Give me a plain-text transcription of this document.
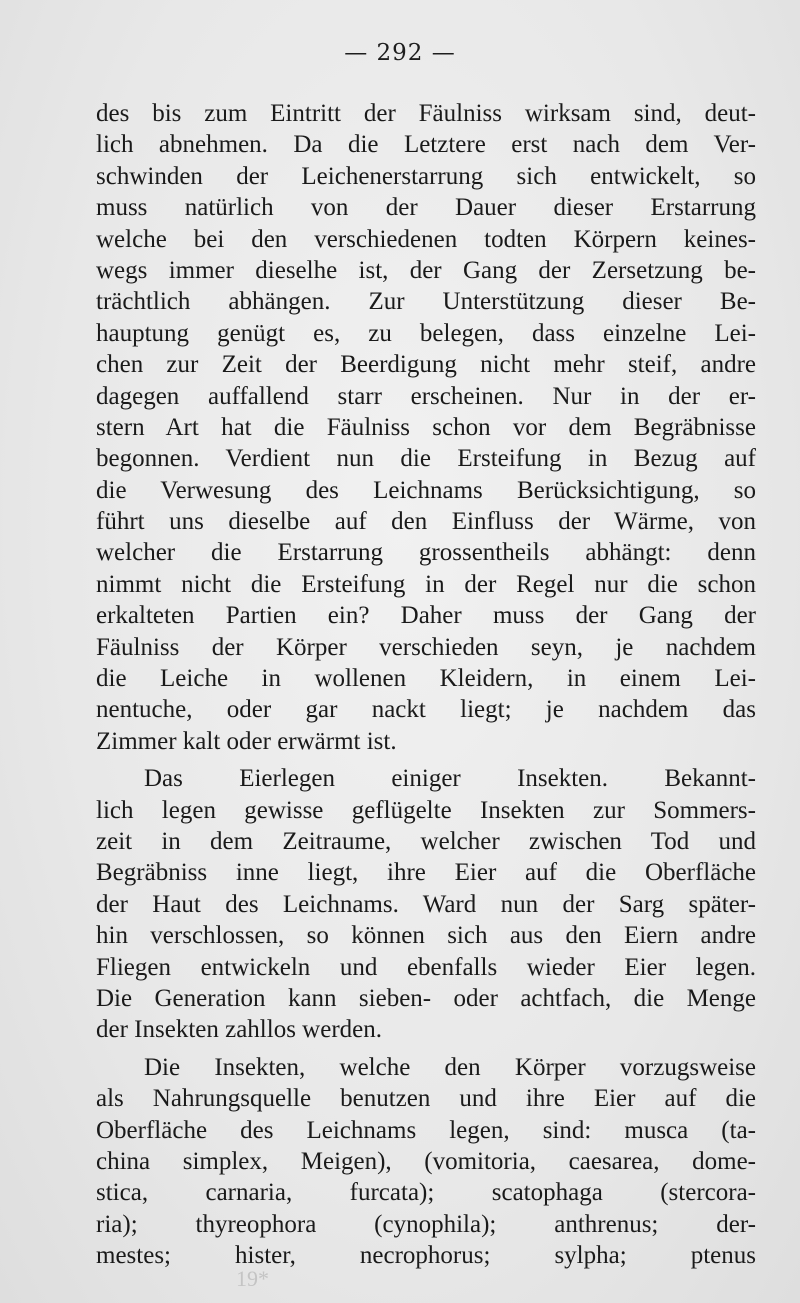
— 292 —
des bis zum Eintritt der Fäulniss wirksam sind, deut-
lich abnehmen. Da die Letztere erst nach dem Ver-
schwinden der Leichenerstarrung sich entwickelt, so
muss natürlich von der Dauer dieser Erstarrung
welche bei den verschiedenen todten Körpern keines-
wegs immer dieselhe ist, der Gang der Zersetzung be-
trächtlich abhängen. Zur Unterstützung dieser Be-
hauptung genügt es, zu belegen, dass einzelne Lei-
chen zur Zeit der Beerdigung nicht mehr steif, andre
dagegen auffallend starr erscheinen. Nur in der er-
stern Art hat die Fäulniss schon vor dem Begräbnisse
begonnen. Verdient nun die Ersteifung in Bezug auf
die Verwesung des Leichnams Berücksichtigung, so
führt uns dieselbe auf den Einfluss der Wärme, von
welcher die Erstarrung grossentheils abhängt: denn
nimmt nicht die Ersteifung in der Regel nur die schon
erkalteten Partien ein? Daher muss der Gang der
Fäulniss der Körper verschieden seyn, je nachdem
die Leiche in wollenen Kleidern, in einem Lei-
nentuche, oder gar nackt liegt; je nachdem das
Zimmer kalt oder erwärmt ist.
Das Eierlegen einiger Insekten. Bekannt-
lich legen gewisse geflügelte Insekten zur Sommers-
zeit in dem Zeitraume, welcher zwischen Tod und
Begräbniss inne liegt, ihre Eier auf die Oberfläche
der Haut des Leichnams. Ward nun der Sarg später-
hin verschlossen, so können sich aus den Eiern andre
Fliegen entwickeln und ebenfalls wieder Eier legen.
Die Generation kann sieben- oder achtfach, die Menge
der Insekten zahllos werden.
Die Insekten, welche den Körper vorzugsweise
als Nahrungsquelle benutzen und ihre Eier auf die
Oberfläche des Leichnams legen, sind: musca (ta-
china simplex, Meigen), (vomitoria, caesarea, dome-
stica, carnaria, furcata); scatophaga (stercora-
ria); thyreophora (cynophila); anthrenus; der-
mestes; hister, necrophorus; sylpha; ptenus
19*
